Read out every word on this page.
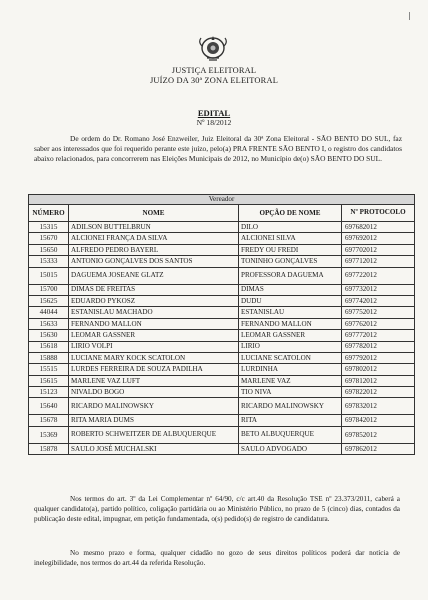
JUSTIÇA ELEITORAL
JUÍZO DA 30ª ZONA ELEITORAL
EDITAL
Nº 18/2012
De ordem do Dr. Romano José Enzweiler, Juiz Eleitoral da 30ª Zona Eleitoral - SÃO BENTO DO SUL, faz saber aos interessados que foi requerido perante este juízo, pelo(a) PRA FRENTE SÃO BENTO I, o registro dos candidatos abaixo relacionados, para concorrerem nas Eleições Municipais de 2012, no Município de(o) SÃO BENTO DO SUL.
Vereador			
NÚMERO	NOME	OPÇÃO DE NOME	Nº PROTOCOLO
15315	ADILSON BUTTELBRUN	DILO	697682012
15670	ALCIONEI FRANÇA DA SILVA	ALCIONEI SILVA	697692012
15650	ALFREDO PEDRO BAYERL	FREDY OU FREDI	697702012
15333	ANTONIO GONÇALVES DOS SANTOS	TONINHO GONÇALVES	697712012
15015	DAGUEMA JOSEANE GLATZ	PROFESSORA DAGUEMA	697722012
15700	DIMAS DE FREITAS	DIMAS	697732012
15625	EDUARDO PYKOSZ	DUDU	697742012
44044	ESTANISLAU MACHADO	ESTANISLAU	697752012
15633	FERNANDO MALLON	FERNANDO MALLON	697762012
15630	LEOMAR GASSNER	LEOMAR GASSNER	697772012
15618	LIRIO VOLPI	LIRIO	697782012
15888	LUCIANE MARY KOCK SCATOLON	LUCIANE SCATOLON	697792012
15515	LURDES FERREIRA DE SOUZA PADILHA	LURDINHA	697802012
15615	MARLENE VAZ LUFT	MARLENE VAZ	697812012
15123	NIVALDO BOGO	TIO NIVA	697822012
15640	RICARDO MALINOWSKY	RICARDO MALINOWSKY	697832012
15678	RITA MARIA DUMS	RITA	697842012
15369	ROBERTO SCHWEITZER DE ALBUQUERQUE	BETO ALBUQUERQUE	697852012
15878	SAULO JOSÉ MUCHALSKI	SAULO ADVOGADO	697862012
Nos termos do art. 3º da Lei Complementar nº 64/90, c/c art.40 da Resolução TSE nº 23.373/2011, caberá a qualquer candidato(a), partido político, coligação partidária ou ao Ministério Público, no prazo de 5 (cinco) dias, contados da publicação deste edital, impugnar, em petição fundamentada, o(s) pedido(s) de registro de candidatura.
No mesmo prazo e forma, qualquer cidadão no gozo de seus direitos políticos poderá dar notícia de inelegibilidade, nos termos do art.44 da referida Resolução.
